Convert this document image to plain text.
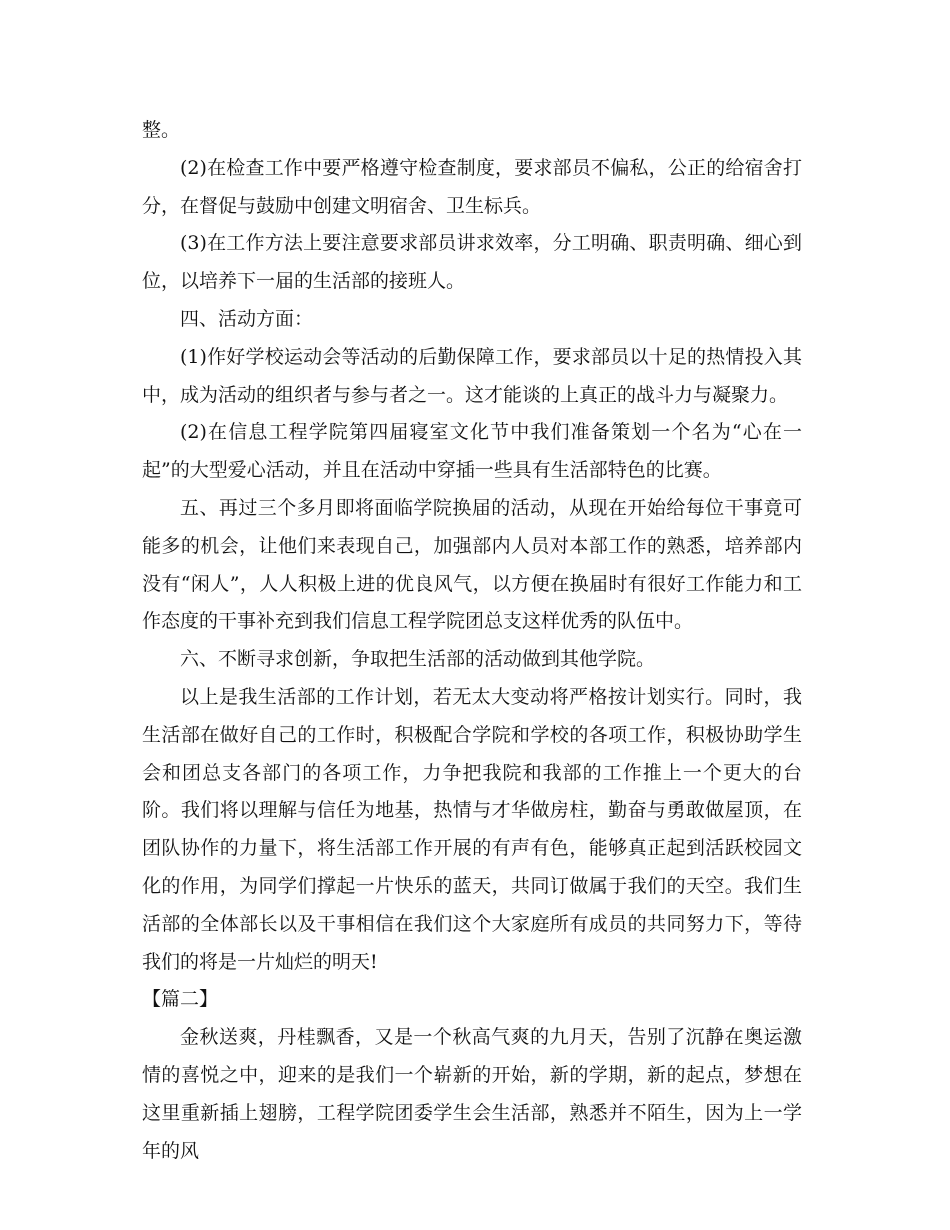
整。

(2)在检查工作中要严格遵守检查制度，要求部员不偏私，公正的给宿舍打分，在督促与鼓励中创建文明宿舍、卫生标兵。

(3)在工作方法上要注意要求部员讲求效率，分工明确、职责明确、细心到位，以培养下一届的生活部的接班人。

四、活动方面：

(1)作好学校运动会等活动的后勤保障工作，要求部员以十足的热情投入其中，成为活动的组织者与参与者之一。这才能谈的上真正的战斗力与凝聚力。

(2)在信息工程学院第四届寝室文化节中我们准备策划一个名为“心在一起”的大型爱心活动，并且在活动中穿插一些具有生活部特色的比赛。

五、再过三个多月即将面临学院换届的活动，从现在开始给每位干事竟可能多的机会，让他们来表现自己，加强部内人员对本部工作的熟悉，培养部内没有“闲人”，人人积极上进的优良风气，以方便在换届时有很好工作能力和工作态度的干事补充到我们信息工程学院团总支这样优秀的队伍中。

六、不断寻求创新，争取把生活部的活动做到其他学院。

以上是我生活部的工作计划，若无太大变动将严格按计划实行。同时，我生活部在做好自己的工作时，积极配合学院和学校的各项工作，积极协助学生会和团总支各部门的各项工作，力争把我院和我部的工作推上一个更大的台阶。我们将以理解与信任为地基，热情与才华做房柱，勤奋与勇敢做屋顶，在团队协作的力量下，将生活部工作开展的有声有色，能够真正起到活跃校园文化的作用，为同学们撑起一片快乐的蓝天，共同订做属于我们的天空。我们生活部的全体部长以及干事相信在我们这个大家庭所有成员的共同努力下，等待我们的将是一片灿烂的明天!

【篇二】

金秋送爽，丹桂飘香，又是一个秋高气爽的九月天，告别了沉静在奥运激情的喜悦之中，迎来的是我们一个崭新的开始，新的学期，新的起点，梦想在这里重新插上翅膀，工程学院团委学生会生活部，熟悉并不陌生，因为上一学年的风
